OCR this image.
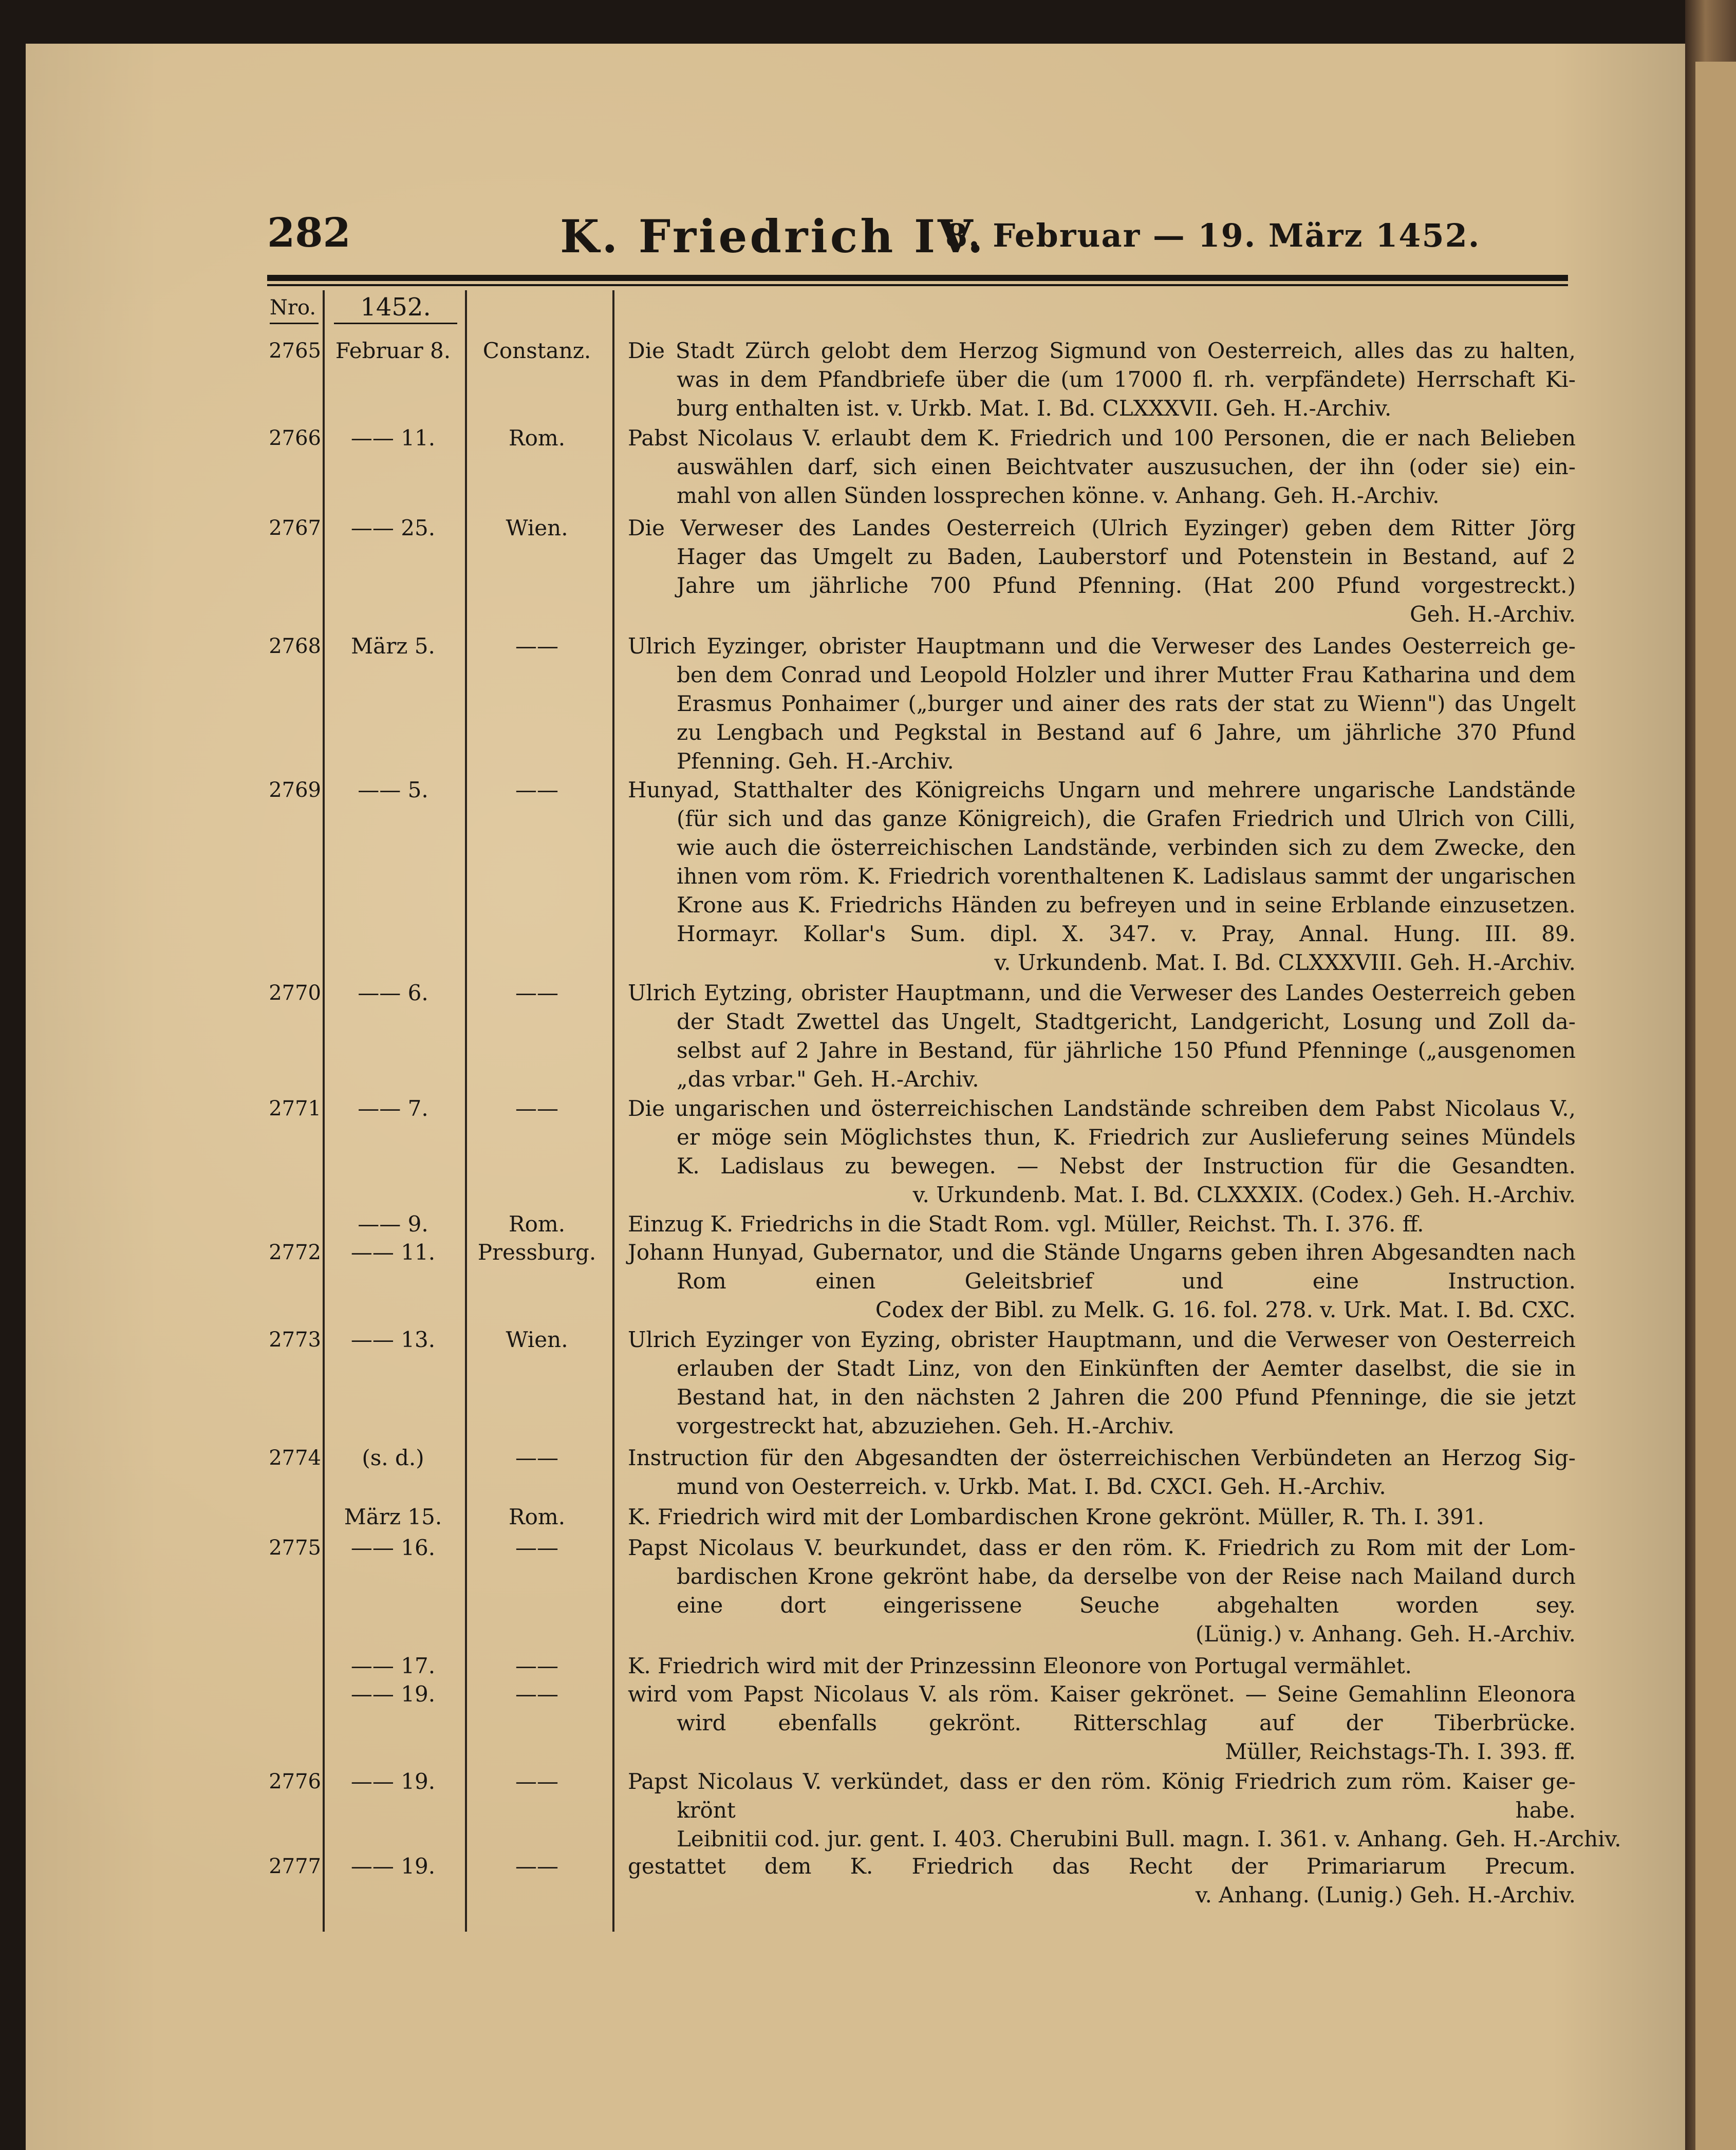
282	K. Friedrich IV.
8. Februar — 19. März 1452.
Nro.	1452.
2765 Februar 8.	Constanz.	Die Stadt Zürch gelobt dem Herzog Sigmund von Oesterreich, alles das zu halten,
was in dem Pfandbriefe über die (um 17000 fl. rh. verpfändete) Herrschaft Ki-
burg enthalten ist. v. Urkb. Mat. I. Bd. CLXXXVII. Geh. H.-Archiv.
2766	—— 11.	Rom.	Pabst Nicolaus V. erlaubt dem K. Friedrich und 100 Personen, die er nach Belieben
auswählen darf, sich einen Beichtvater auszusuchen, der ihn (oder sie) ein-
mahl von allen Sünden lossprechen könne. v. Anhang. Geh. H.-Archiv.
2767	—— 25.	Wien.	Die Verweser des Landes Oesterreich (Ulrich Eyzinger) geben dem Ritter Jörg
Hager das Umgelt zu Baden, Lauberstorf und Potenstein in Bestand, auf 2
Jahre um jährliche 700 Pfund Pfenning. (Hat 200 Pfund vorgestreckt.)
Geh. H.-Archiv.
2768	März 5.	——	Ulrich Eyzinger, obrister Hauptmann und die Verweser des Landes Oesterreich ge-
ben dem Conrad und Leopold Holzler und ihrer Mutter Frau Katharina und dem
Erasmus Ponhaimer („burger und ainer des rats der stat zu Wienn") das Ungelt
zu Lengbach und Pegkstal in Bestand auf 6 Jahre, um jährliche 370 Pfund
Pfenning. Geh. H.-Archiv.
2769	—— 5.	——	Hunyad, Statthalter des Königreichs Ungarn und mehrere ungarische Landstände
(für sich und das ganze Königreich), die Grafen Friedrich und Ulrich von Cilli,
wie auch die österreichischen Landstände, verbinden sich zu dem Zwecke, den
ihnen vom röm. K. Friedrich vorenthaltenen K. Ladislaus sammt der ungarischen
Krone aus K. Friedrichs Händen zu befreyen und in seine Erblande einzusetzen.
Hormayr. Kollar's Sum. dipl. X. 347. v. Pray, Annal. Hung. III. 89.
v. Urkundenb. Mat. I. Bd. CLXXXVIII. Geh. H.-Archiv.
2770	—— 6.	——	Ulrich Eytzing, obrister Hauptmann, und die Verweser des Landes Oesterreich geben
der Stadt Zwettel das Ungelt, Stadtgericht, Landgericht, Losung und Zoll da-
selbst auf 2 Jahre in Bestand, für jährliche 150 Pfund Pfenninge („ausgenomen
„das vrbar." Geh. H.-Archiv.
2771	—— 7.	——	Die ungarischen und österreichischen Landstände schreiben dem Pabst Nicolaus V.,
er möge sein Möglichstes thun, K. Friedrich zur Auslieferung seines Mündels
K. Ladislaus zu bewegen. — Nebst der Instruction für die Gesandten.
v. Urkundenb. Mat. I. Bd. CLXXXIX. (Codex.) Geh. H.-Archiv.
—— 9.	Rom.	Einzug K. Friedrichs in die Stadt Rom. vgl. Müller, Reichst. Th. I. 376. ff.
2772	—— 11.	Pressburg.	Johann Hunyad, Gubernator, und die Stände Ungarns geben ihren Abgesandten nach
Rom einen Geleitsbrief und eine Instruction.
Codex der Bibl. zu Melk. G. 16. fol. 278. v. Urk. Mat. I. Bd. CXC.
2773	—— 13.	Wien.	Ulrich Eyzinger von Eyzing, obrister Hauptmann, und die Verweser von Oesterreich
erlauben der Stadt Linz, von den Einkünften der Aemter daselbst, die sie in
Bestand hat, in den nächsten 2 Jahren die 200 Pfund Pfenninge, die sie jetzt
vorgestreckt hat, abzuziehen. Geh. H.-Archiv.
2774	(s. d.)	——	Instruction für den Abgesandten der österreichischen Verbündeten an Herzog Sig-
mund von Oesterreich. v. Urkb. Mat. I. Bd. CXCI. Geh. H.-Archiv.
März 15.	Rom.	K. Friedrich wird mit der Lombardischen Krone gekrönt. Müller, R. Th. I. 391.
2775	—— 16.	——	Papst Nicolaus V. beurkundet, dass er den röm. K. Friedrich zu Rom mit der Lom-
bardischen Krone gekrönt habe, da derselbe von der Reise nach Mailand durch
eine dort eingerissene Seuche abgehalten worden sey.
(Lünig.) v. Anhang. Geh. H.-Archiv.
—— 17.	——	K. Friedrich wird mit der Prinzessinn Eleonore von Portugal vermählet.
—— 19.	——	wird vom Papst Nicolaus V. als röm. Kaiser gekrönet. — Seine Gemahlinn Eleonora
wird ebenfalls gekrönt. Ritterschlag auf der Tiberbrücke.
Müller, Reichstags-Th. I. 393. ff.
2776	—— 19.	——	Papst Nicolaus V. verkündet, dass er den röm. König Friedrich zum röm. Kaiser ge-
krönt habe.
Leibnitii cod. jur. gent. I. 403. Cherubini Bull. magn. I. 361. v. Anhang. Geh. H.-Archiv.
2777	—— 19.	——	gestattet dem K. Friedrich das Recht der Primariarum Precum.
v. Anhang. (Lunig.) Geh. H.-Archiv.
